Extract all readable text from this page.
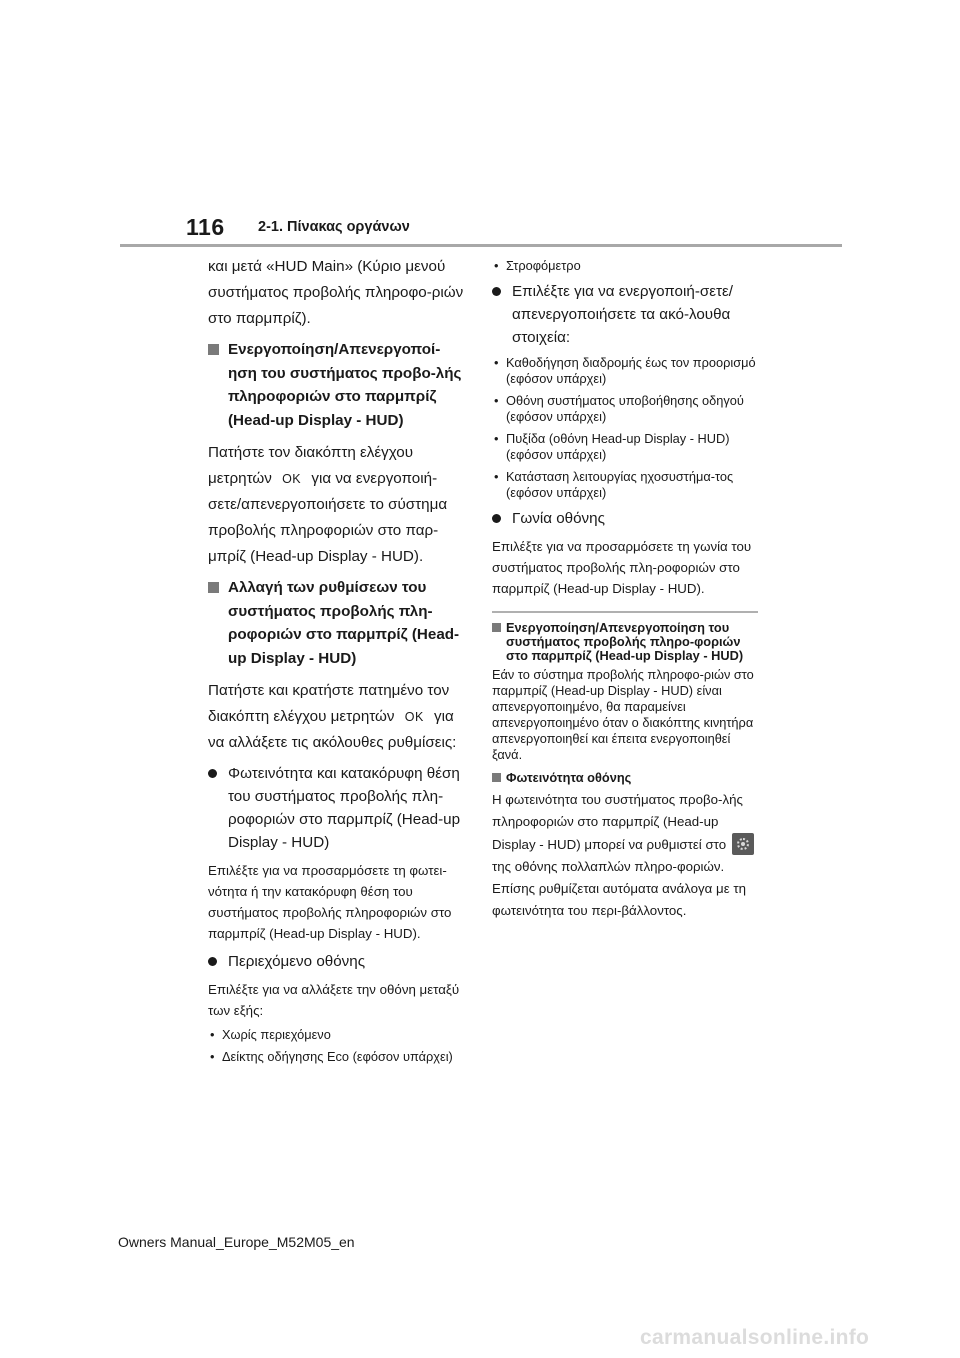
116 2-1. Πίνακας οργάνων

και μετά «HUD Main» (Κύριο μενού συστήματος προβολής πληροφο-ριών στο παρμπρίζ).

Ενεργοποίηση/Απενεργοποί-ηση του συστήματος προβο-λής πληροφοριών στο παρμπρίζ (Head-up Display - HUD)

Πατήστε τον διακόπτη ελέγχου μετρητών OK για να ενεργοποιή-σετε/απενεργοποιήσετε το σύστημα προβολής πληροφοριών στο παρ-μπρίζ (Head-up Display - HUD).

Αλλαγή των ρυθμίσεων του συστήματος προβολής πλη-ροφοριών στο παρμπρίζ (Head-up Display - HUD)

Πατήστε και κρατήστε πατημένο τον διακόπτη ελέγχου μετρητών OK για να αλλάξετε τις ακόλουθες ρυθμίσεις:

Φωτεινότητα και κατακόρυφη θέση του συστήματος προβολής πλη-ροφοριών στο παρμπρίζ (Head-up Display - HUD)

Επιλέξτε για να προσαρμόσετε τη φωτει-νότητα ή την κατακόρυφη θέση του συστήματος προβολής πληροφοριών στο παρμπρίζ (Head-up Display - HUD).

Περιεχόμενο οθόνης

Επιλέξτε για να αλλάξετε την οθόνη μεταξύ των εξής:

• Χωρίς περιεχόμενο
• Δείκτης οδήγησης Eco (εφόσον υπάρχει)
• Στροφόμετρο
Επιλέξτε για να ενεργοποιή-σετε/απενεργοποιήσετε τα ακό-λουθα στοιχεία:
• Καθοδήγηση διαδρομής έως τον προορισμό (εφόσον υπάρχει)
• Οθόνη συστήματος υποβοήθησης οδηγού (εφόσον υπάρχει)
• Πυξίδα (οθόνη Head-up Display - HUD) (εφόσον υπάρχει)
• Κατάσταση λειτουργίας ηχοσυστήμα-τος (εφόσον υπάρχει)
Γωνία οθόνης

Επιλέξτε για να προσαρμόσετε τη γωνία του συστήματος προβολής πλη-ροφοριών στο παρμπρίζ (Head-up Display - HUD).

Ενεργοποίηση/Απενεργοποίηση του συστήματος προβολής πληρο-φοριών στο παρμπρίζ (Head-up Display - HUD)

Εάν το σύστημα προβολής πληροφο-ριών στο παρμπρίζ (Head-up Display - HUD) είναι απενεργοποιημένο, θα παραμείνει απενεργοποιημένο όταν ο διακόπτης κινητήρα απενεργοποιηθεί και έπειτα ενεργοποιηθεί ξανά.

Φωτεινότητα οθόνης

Η φωτεινότητα του συστήματος προβο-λής πληροφοριών στο παρμπρίζ (Head-up Display - HUD) μπορεί να ρυθμιστεί στο  της οθόνης πολλαπλών πληρο-φοριών. Επίσης ρυθμίζεται αυτόματα ανάλογα με τη φωτεινότητα του περι-βάλλοντος.

Owners Manual_Europe_M52M05_en
carmanualsonline.info
